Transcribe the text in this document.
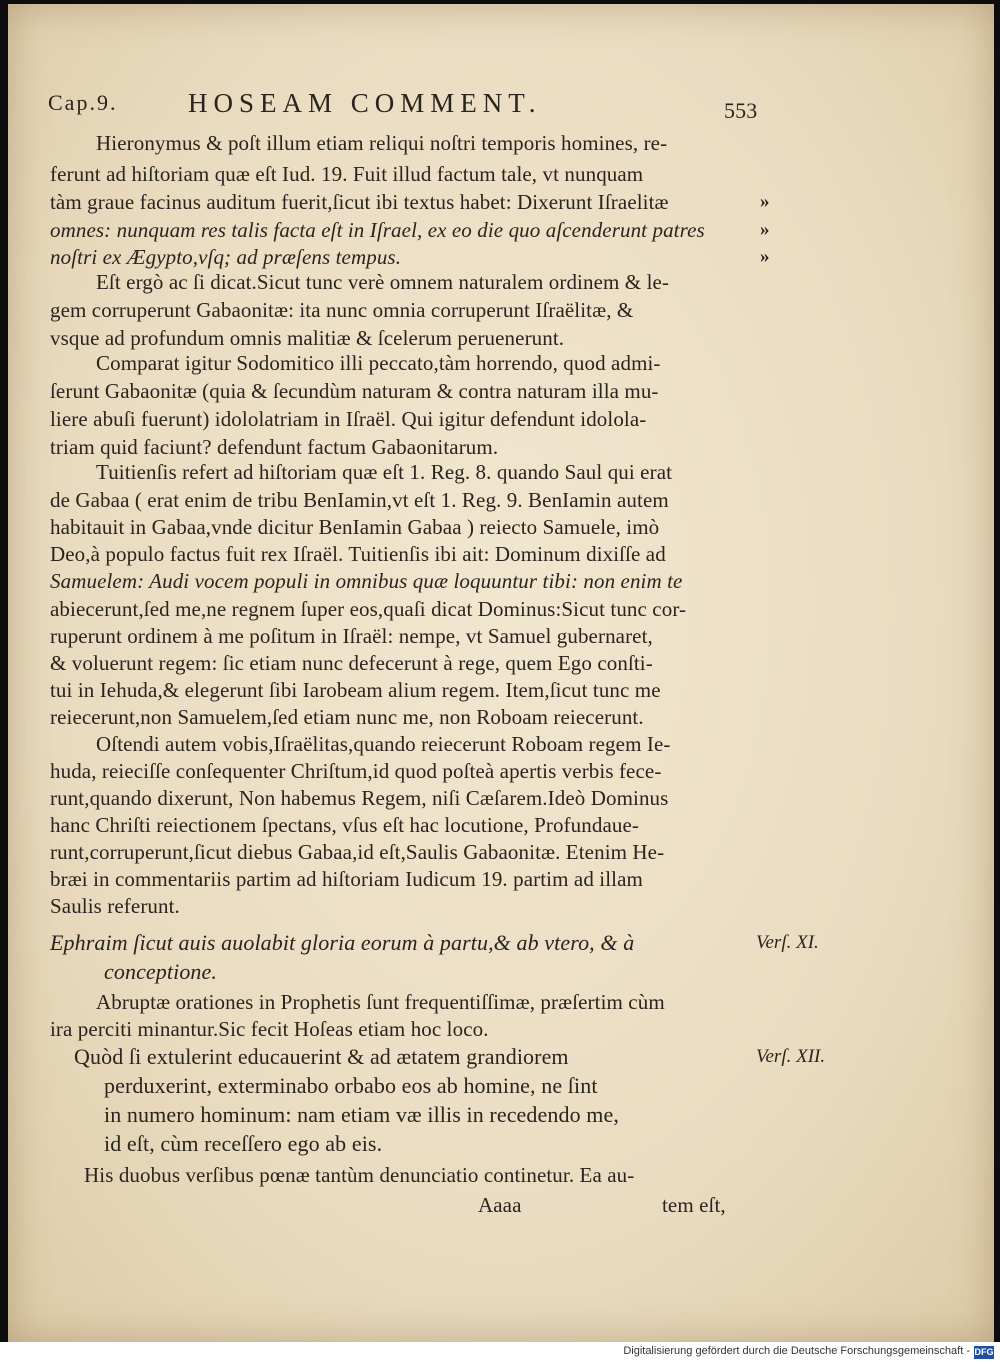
Cap.9.	HOSEAM COMMENT.	553
Hieronymus & poſt illum etiam reliqui noſtri temporis homines, re-
ferunt ad hiſtoriam quæ eſt Iud. 19. Fuit illud factum tale, vt nunquam
tàm graue facinus auditum fuerit,ſicut ibi textus habet: Dixerunt Iſraelitæ
omnes: nunquam res talis facta eſt in Iſrael, ex eo die quo aſcenderunt patres
noſtri ex Ægypto,vſq; ad præſens tempus.
»
»
»
Eſt ergò ac ſi dicat.Sicut tunc verè omnem naturalem ordinem & le-
gem corruperunt Gabaonitæ: ita nunc omnia corruperunt Iſraëlitæ, &
vsque ad profundum omnis malitiæ & ſcelerum peruenerunt.
Comparat igitur Sodomitico illi peccato,tàm horrendo, quod admi-
ſerunt Gabaonitæ (quia & ſecundùm naturam & contra naturam illa mu-
liere abuſi fuerunt) idololatriam in Iſraël. Qui igitur defendunt idolola-
triam quid faciunt? defendunt factum Gabaonitarum.
Tuitienſis refert ad hiſtoriam quæ eſt 1. Reg. 8. quando Saul qui erat
de Gabaa ( erat enim de tribu BenIamin,vt eſt 1. Reg. 9. BenIamin autem
habitauit in Gabaa,vnde dicitur BenIamin Gabaa ) reiecto Samuele, imò
Deo,à populo factus fuit rex Iſraël. Tuitienſis ibi ait: Dominum dixiſſe ad
Samuelem: Audi vocem populi in omnibus quæ loquuntur tibi: non enim te
abiecerunt,ſed me,ne regnem ſuper eos,quaſi dicat Dominus:Sicut tunc cor-
ruperunt ordinem à me poſitum in Iſraël: nempe, vt Samuel gubernaret,
& voluerunt regem: ſic etiam nunc defecerunt à rege, quem Ego conſti-
tui in Iehuda,& elegerunt ſibi Iarobeam alium regem. Item,ſicut tunc me
reiecerunt,non Samuelem,ſed etiam nunc me, non Roboam reiecerunt.
Oſtendi autem vobis,Iſraëlitas,quando reiecerunt Roboam regem Ie-
huda, reieciſſe conſequenter Chriſtum,id quod poſteà apertis verbis fece-
runt,quando dixerunt, Non habemus Regem, niſi Cæſarem.Ideò Dominus
hanc Chriſti reiectionem ſpectans, vſus eſt hac locutione, Profundaue-
runt,corruperunt,ſicut diebus Gabaa,id eſt,Saulis Gabaonitæ. Etenim He-
bræi in commentariis partim ad hiſtoriam Iudicum 19. partim ad illam
Saulis referunt.
Ephraim ſicut auis auolabit gloria eorum à partu,& ab vtero, & à
conceptione.
Verſ. XI.
Abruptæ orationes in Prophetis ſunt frequentiſſimæ, præſertim cùm
ira perciti minantur.Sic fecit Hoſeas etiam hoc loco.
Quòd ſi extulerint educauerint & ad ætatem grandiorem
perduxerint, exterminabo orbabo eos ab homine, ne ſint
in numero hominum: nam etiam væ illis in recedendo me,
id eſt, cùm receſſero ego ab eis.
Verſ. XII.
His duobus verſibus pœnæ tantùm denunciatio continetur. Ea au-
Aaaa	tem eſt,
Digitalisierung gefördert durch die Deutsche Forschungsgemeinschaft - DFG
